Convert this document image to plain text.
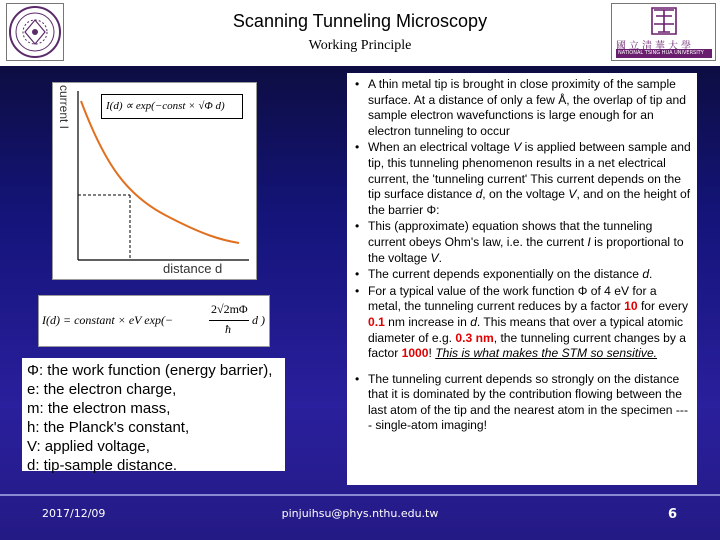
Scanning Tunneling Microscopy
Working Principle	國立清華大學
NATIONAL TSING HUA UNIVERSITY
I(d) ∝ exp(−const × √Φ d)
current I
distance d
I(d) = constant × eV exp(−
2√2mΦ
ħ
d )
Φ: the work function (energy barrier),
e: the electron charge,
m: the electron mass,
h: the Planck's constant,
V: applied voltage,
d: tip-sample distance.
• A thin metal tip is brought in close proximity of the sample surface. At a distance of only a few Å, the overlap of tip and sample electron wavefunctions is large enough for an electron tunneling to occur
• When an electrical voltage V is applied between sample and tip, this tunneling phenomenon results in a net electrical current, the 'tunneling current' This current depends on the tip surface distance d, on the voltage V, and on the height of the barrier Φ:
• This (approximate) equation shows that the tunneling current obeys Ohm's law, i.e. the current I is proportional to the voltage V.
• The current depends exponentially on the distance d.
• For a typical value of the work function Φ of 4 eV for a metal, the tunneling current reduces by a factor 10 for every 0.1 nm increase in d. This means that over a typical atomic diameter of e.g. 0.3 nm, the tunneling current changes by a factor 1000! This is what makes the STM so sensitive.
• The tunneling current depends so strongly on the distance that it is dominated by the contribution flowing between the last atom of the tip and the nearest atom in the specimen ---- single-atom imaging!
2017/12/09	pinjuihsu@phys.nthu.edu.tw	6
